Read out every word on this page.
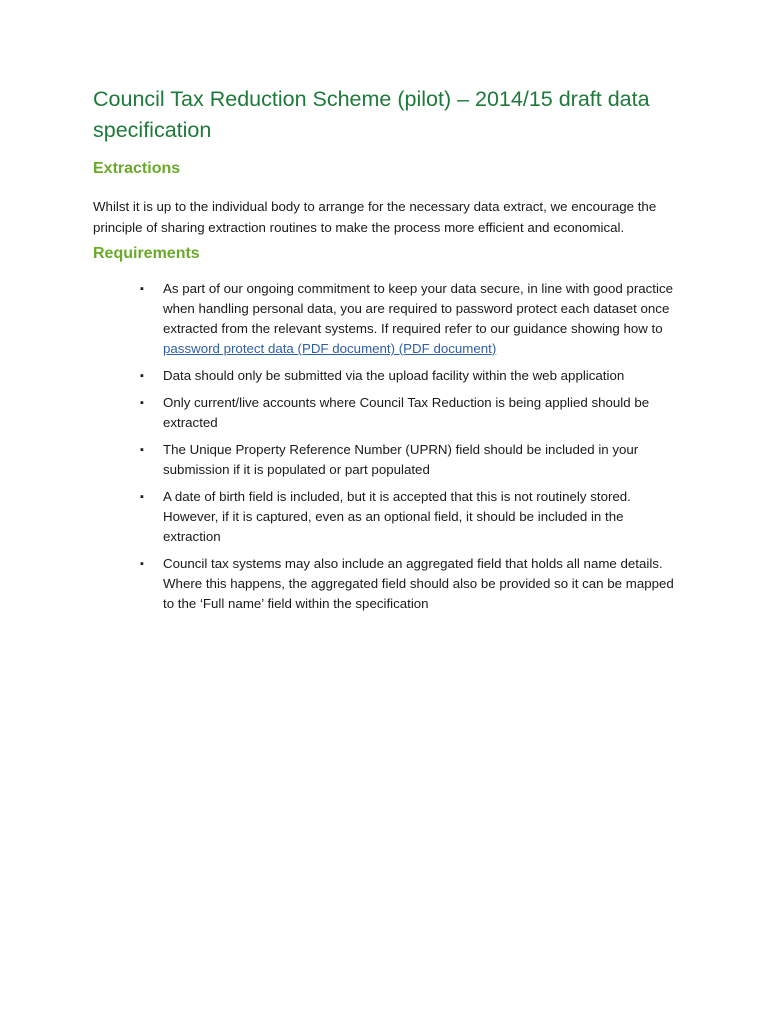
Council Tax Reduction Scheme (pilot) – 2014/15 draft data specification
Extractions

Whilst it is up to the individual body to arrange for the necessary data extract, we encourage the principle of sharing extraction routines to make the process more efficient and economical.

Requirements
▪ As part of our ongoing commitment to keep your data secure, in line with good practice when handling personal data, you are required to password protect each dataset once extracted from the relevant systems. If required refer to our guidance showing how to password protect data (PDF document) (PDF document)
▪ Data should only be submitted via the upload facility within the web application
▪ Only current/live accounts where Council Tax Reduction is being applied should be extracted
▪ The Unique Property Reference Number (UPRN) field should be included in your submission if it is populated or part populated
▪ A date of birth field is included, but it is accepted that this is not routinely stored. However, if it is captured, even as an optional field, it should be included in the extraction
▪ Council tax systems may also include an aggregated field that holds all name details. Where this happens, the aggregated field should also be provided so it can be mapped to the ‘Full name’ field within the specification
